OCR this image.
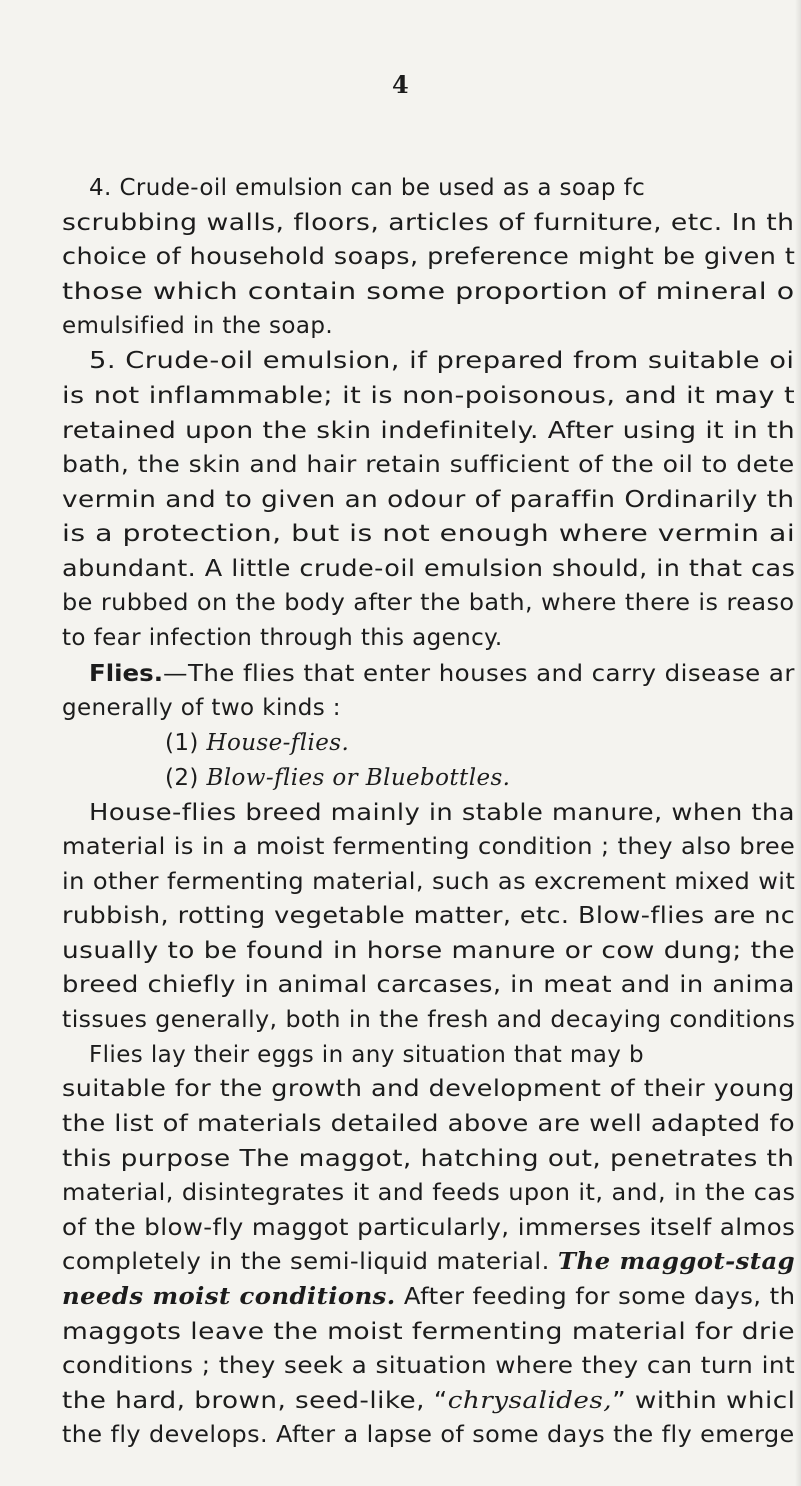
4
4. Crude-oil emulsion can be used as a soap fc
scrubbing walls, floors, articles of furniture, etc. In th
choice of household soaps, preference might be given t
those which contain some proportion of mineral o
emulsified in the soap.
5. Crude-oil emulsion, if prepared from suitable oi
is not inflammable; it is non-poisonous, and it may t
retained upon the skin indefinitely. After using it in th
bath, the skin and hair retain sufficient of the oil to dete
vermin and to given an odour of paraffin Ordinarily th
is a protection, but is not enough where vermin ai
abundant. A little crude-oil emulsion should, in that cas
be rubbed on the body after the bath, where there is reaso
to fear infection through this agency.
Flies.—The flies that enter houses and carry disease ar
generally of two kinds :
(1) House-flies.
(2) Blow-flies or Bluebottles.
House-flies breed mainly in stable manure, when tha
material is in a moist fermenting condition ; they also bree
in other fermenting material, such as excrement mixed wit
rubbish, rotting vegetable matter, etc. Blow-flies are nc
usually to be found in horse manure or cow dung; the
breed chiefly in animal carcases, in meat and in anima
tissues generally, both in the fresh and decaying conditions
Flies lay their eggs in any situation that may b
suitable for the growth and development of their young
the list of materials detailed above are well adapted fo
this purpose The maggot, hatching out, penetrates th
material, disintegrates it and feeds upon it, and, in the cas
of the blow-fly maggot particularly, immerses itself almos
completely in the semi-liquid material. The maggot-stag
needs moist conditions. After feeding for some days, th
maggots leave the moist fermenting material for drie
conditions ; they seek a situation where they can turn int
the hard, brown, seed-like, “chrysalides,” within whicl
the fly develops. After a lapse of some days the fly emerge
